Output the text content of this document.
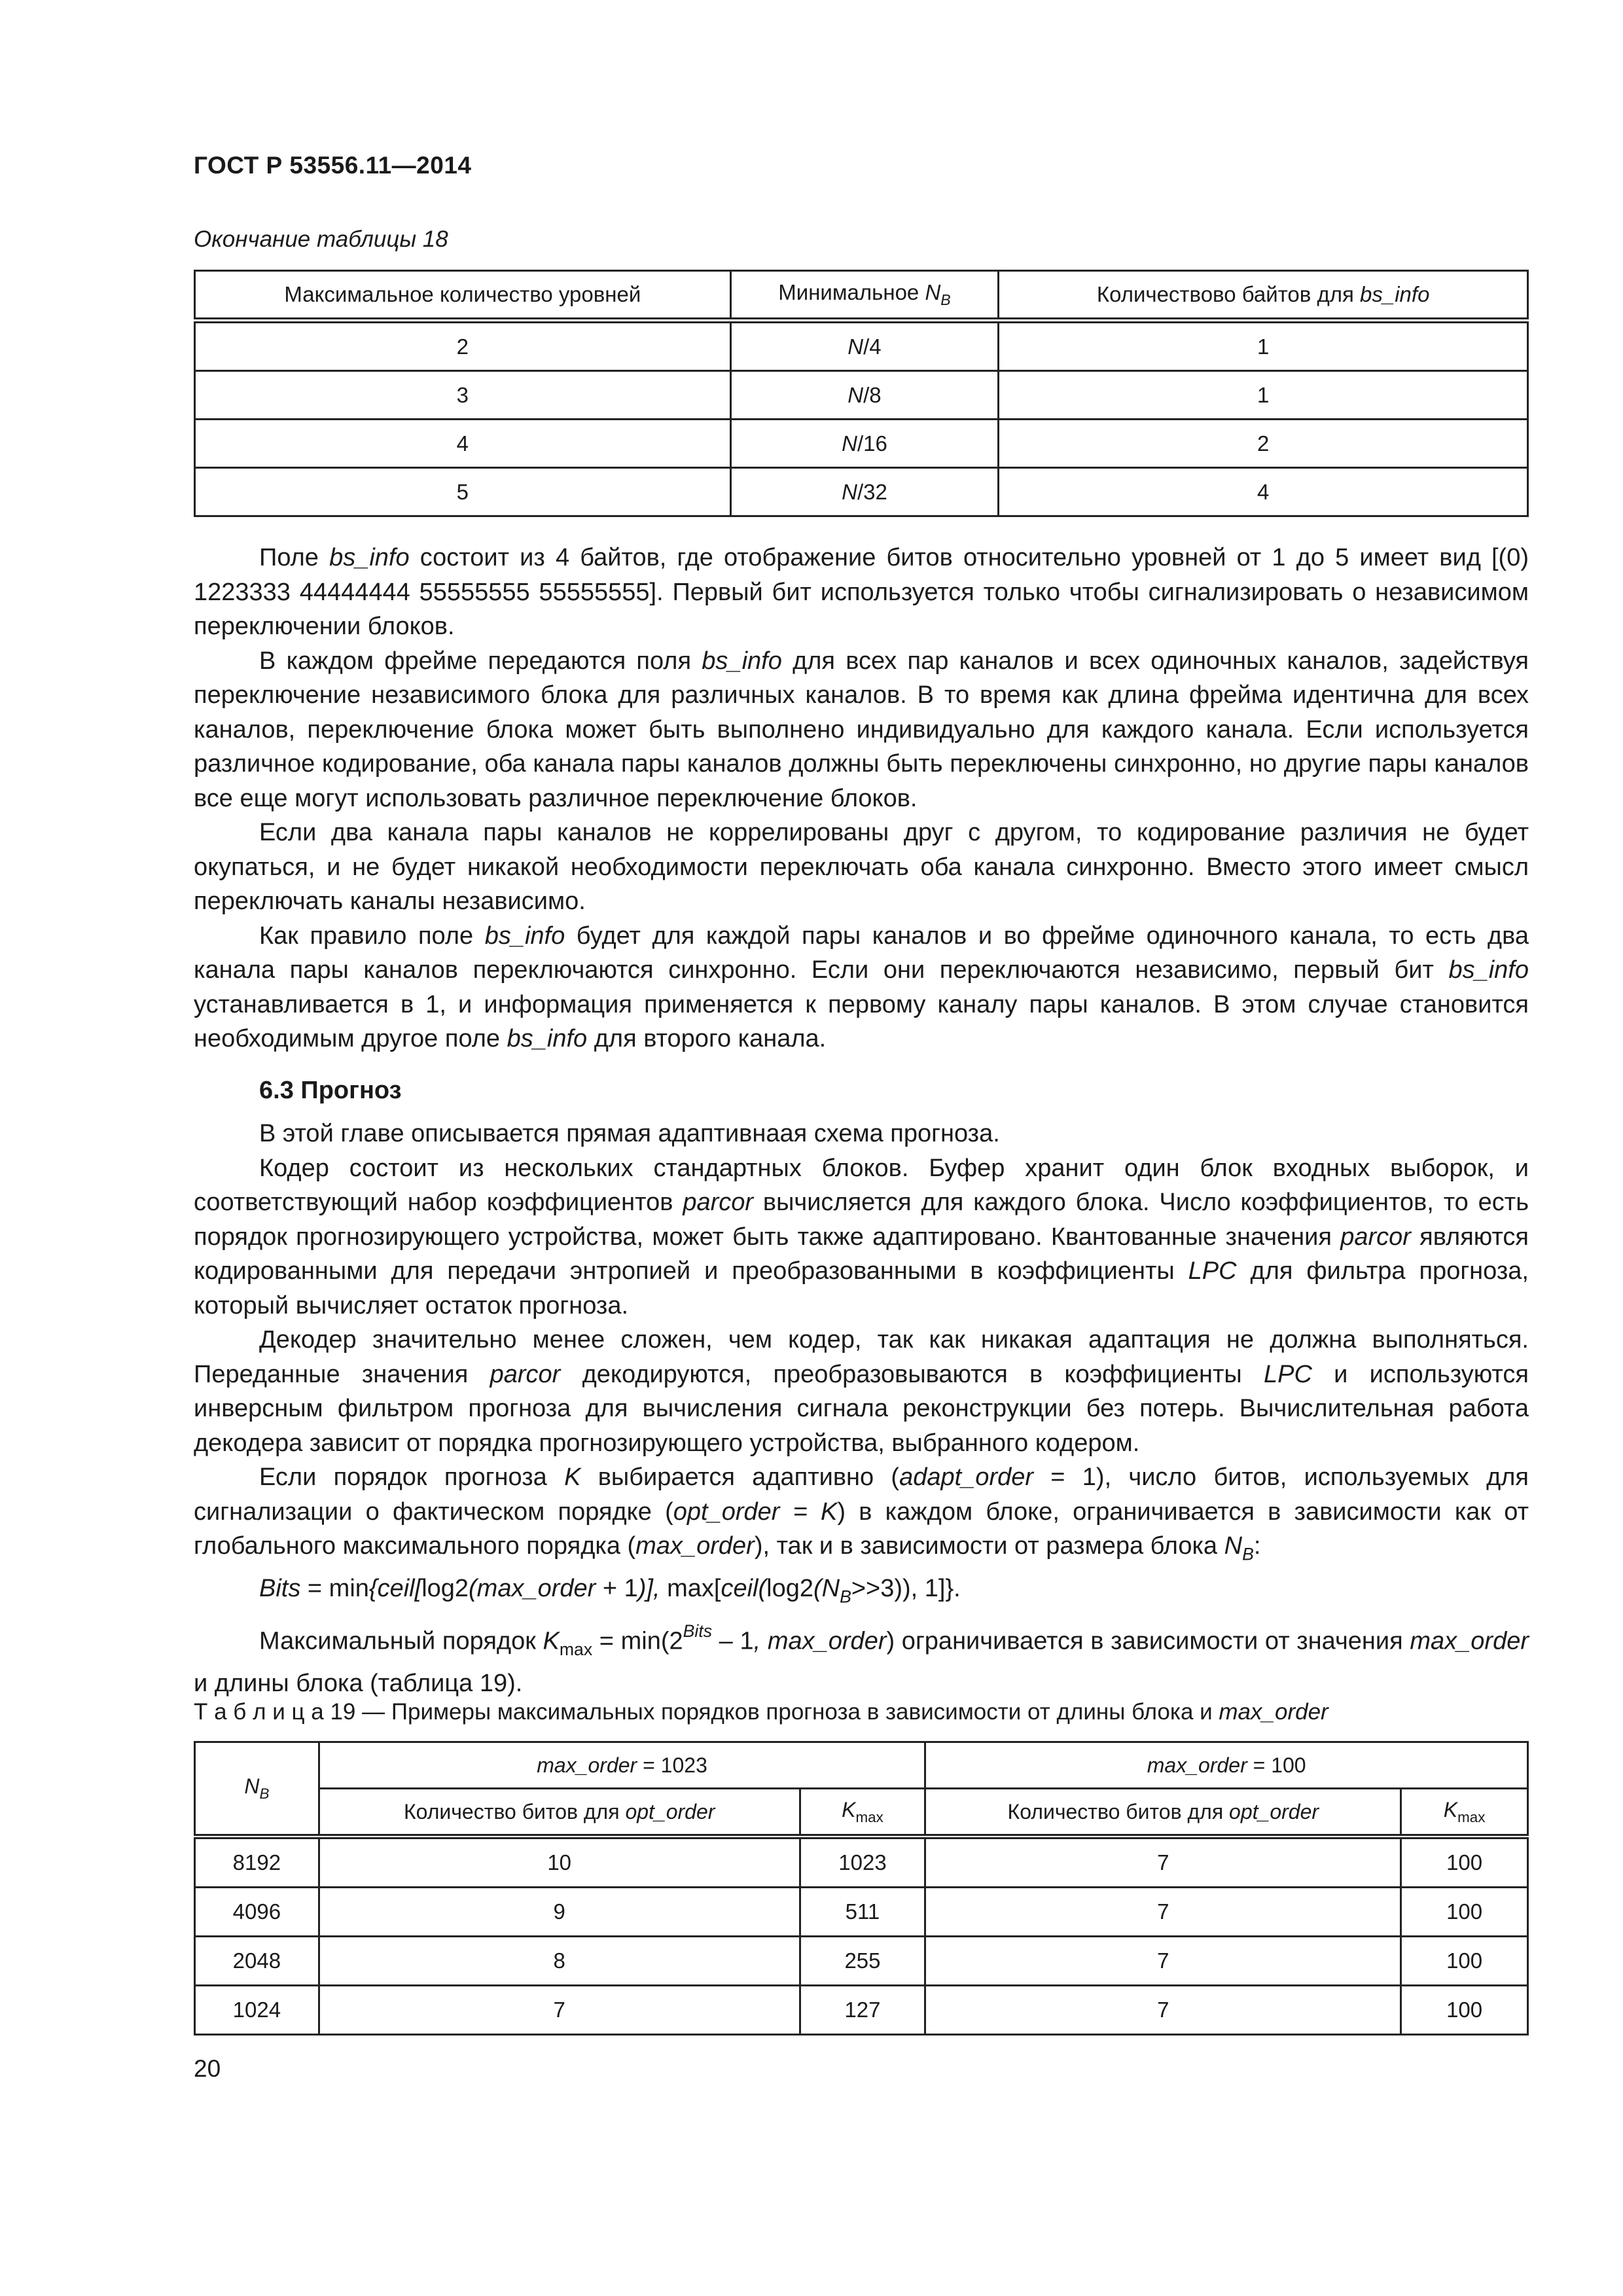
ГОСТ Р 53556.11—2014
Окончание таблицы 18
Максимальное количество уровней	Минимальное $N_B$	Количествово байтов для bs_info
2	N/4	1
3	N/8	1
4	N/16	2
5	N/32	4

Поле bs_info состоит из 4 байтов, где отображение битов относительно уровней от 1 до 5 имеет вид [(0) 1223333 44444444 55555555 55555555]. Первый бит используется только чтобы сигнализировать о независимом переключении блоков.

В каждом фрейме передаются поля bs_info для всех пар каналов и всех одиночных каналов, задействуя переключение независимого блока для различных каналов. В то время как длина фрейма идентична для всех каналов, переключение блока может быть выполнено индивидуально для каждого канала. Если используется различное кодирование, оба канала пары каналов должны быть переключены синхронно, но другие пары каналов все еще могут использовать различное переключение блоков.

Если два канала пары каналов не коррелированы друг с другом, то кодирование различия не будет окупаться, и не будет никакой необходимости переключать оба канала синхронно. Вместо этого имеет смысл переключать каналы независимо.

Как правило поле bs_info будет для каждой пары каналов и во фрейме одиночного канала, то есть два канала пары каналов переключаются синхронно. Если они переключаются независимо, первый бит bs_info устанавливается в 1, и информация применяется к первому каналу пары каналов. В этом случае становится необходимым другое поле bs_info для второго канала.

6.3 Прогноз

В этой главе описывается прямая адаптивнаая схема прогноза.

Кодер состоит из нескольких стандартных блоков. Буфер хранит один блок входных выборок, и соответствующий набор коэффициентов parcor вычисляется для каждого блока. Число коэффициентов, то есть порядок прогнозирующего устройства, может быть также адаптировано. Квантованные значения parcor являются кодированными для передачи энтропией и преобразованными в коэффициенты LPC для фильтра прогноза, который вычисляет остаток прогноза.

Декодер значительно менее сложен, чем кодер, так как никакая адаптация не должна выполняться. Переданные значения parcor декодируются, преобразовываются в коэффициенты LPC и используются инверсным фильтром прогноза для вычисления сигнала реконструкции без потерь. Вычислительная работа декодера зависит от порядка прогнозирующего устройства, выбранного кодером.

Если порядок прогноза K выбирается адаптивно (adapt_order = 1), число битов, используемых для сигнализации о фактическом порядке (opt_order = K) в каждом блоке, ограничивается в зависимости как от глобального максимального порядка (max_order), так и в зависимости от размера блока $N_B$:

Bits = min{ceil[log2(max_order + 1)], $\max[ceil(\log 2(N_B>>3))$, 1]}.

Максимальный порядок $K_{max} = \min(2^{Bits} - 1$, max_order) ограничивается в зависимости от значения max_order и длины блока (таблица 19).

Т а б л и ц а 19 — Примеры максимальных порядков прогноза в зависимости от длины блока и max_order
$N_B$	max_order = 1023		max_order = 100	
	Количество битов для opt_order	$K_{max}$	Количество битов для opt_order	$K_{max}$
8192	10	1023	7	100
4096	9	511	7	100
2048	8	255	7	100
1024	7	127	7	100
20
